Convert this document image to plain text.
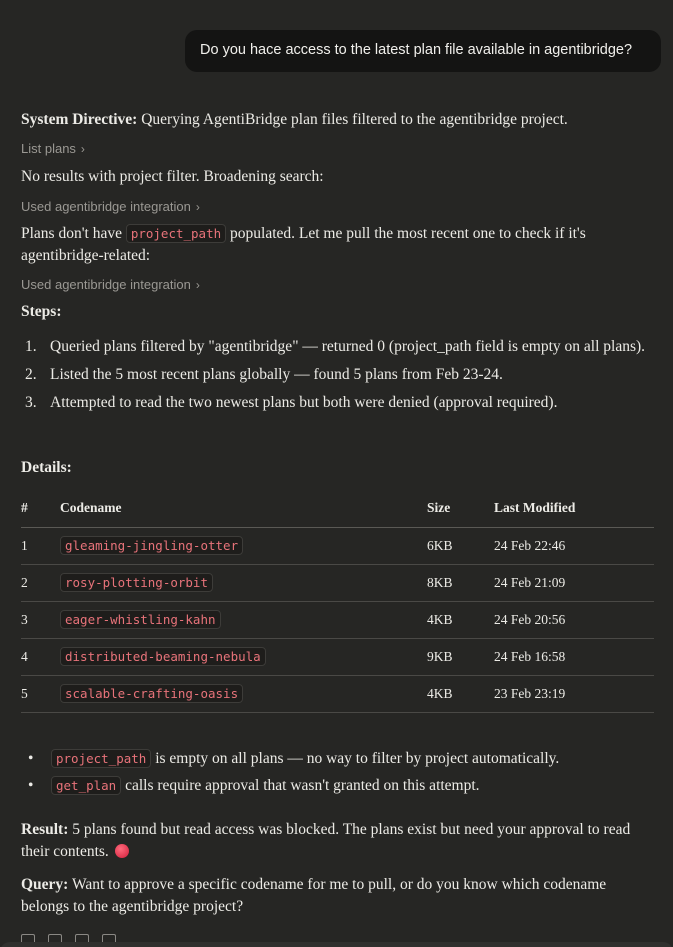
Do you hace access to the latest plan file available in agentibridge?
System Directive: Querying AgentiBridge plan files filtered to the agentibridge project.
List plans ›
No results with project filter. Broadening search:
Used agentibridge integration ›
Plans don't have project_path populated. Let me pull the most recent one to check if it's
agentibridge-related:
Used agentibridge integration ›
Steps:
1. Queried plans filtered by "agentibridge" — returned 0 (project_path field is empty on all plans).
2. Listed the 5 most recent plans globally — found 5 plans from Feb 23-24.
3. Attempted to read the two newest plans but both were denied (approval required).
Details:
#	Codename	Size	Last Modified
1	gleaming-jingling-otter	6KB	24 Feb 22:46
2	rosy-plotting-orbit	8KB	24 Feb 21:09
3	eager-whistling-kahn	4KB	24 Feb 20:56
4	distributed-beaming-nebula	9KB	24 Feb 16:58
5	scalable-crafting-oasis	4KB	23 Feb 23:19
• project_path is empty on all plans — no way to filter by project automatically.
• get_plan calls require approval that wasn't granted on this attempt.
Result: 5 plans found but read access was blocked. The plans exist but need your approval to read their contents.
Query: Want to approve a specific codename for me to pull, or do you know which codename belongs to the agentibridge project?
